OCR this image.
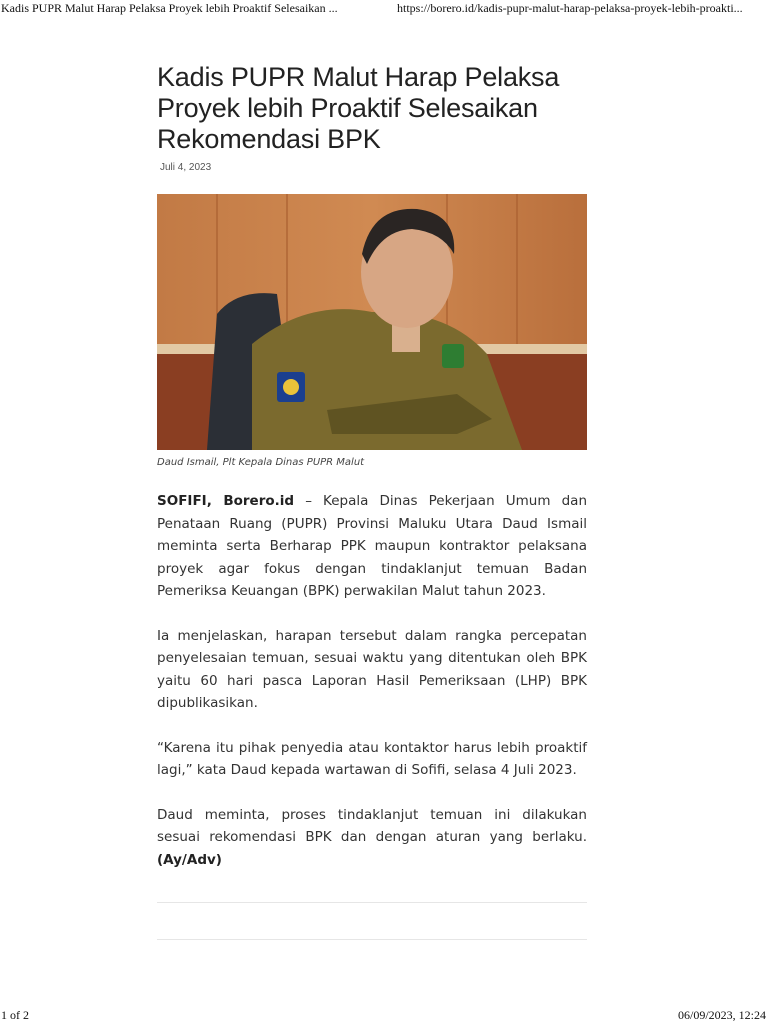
Kadis PUPR Malut Harap Pelaksa Proyek lebih Proaktif Selesaikan ...	https://borero.id/kadis-pupr-malut-harap-pelaksa-proyek-lebih-proakti...
Kadis PUPR Malut Harap Pelaksa Proyek lebih Proaktif Selesaikan Rekomendasi BPK
Juli 4, 2023
Daud Ismail, Plt Kepala Dinas PUPR Malut

SOFIFI, Borero.id – Kepala Dinas Pekerjaan Umum dan Penataan Ruang (PUPR) Provinsi Maluku Utara Daud Ismail meminta serta Berharap PPK maupun kontraktor pelaksana proyek agar fokus dengan tindaklanjut temuan Badan Pemeriksa Keuangan (BPK) perwakilan Malut tahun 2023.

Ia menjelaskan, harapan tersebut dalam rangka percepatan penyelesaian temuan, sesuai waktu yang ditentukan oleh BPK yaitu 60 hari pasca Laporan Hasil Pemeriksaan (LHP) BPK dipublikasikan.

“Karena itu pihak penyedia atau kontaktor harus lebih proaktif lagi,” kata Daud kepada wartawan di Sofifi, selasa 4 Juli 2023.

Daud meminta, proses tindaklanjut temuan ini dilakukan sesuai rekomendasi BPK dan dengan aturan yang berlaku. (Ay/Adv)

1 of 2	06/09/2023, 12:24
